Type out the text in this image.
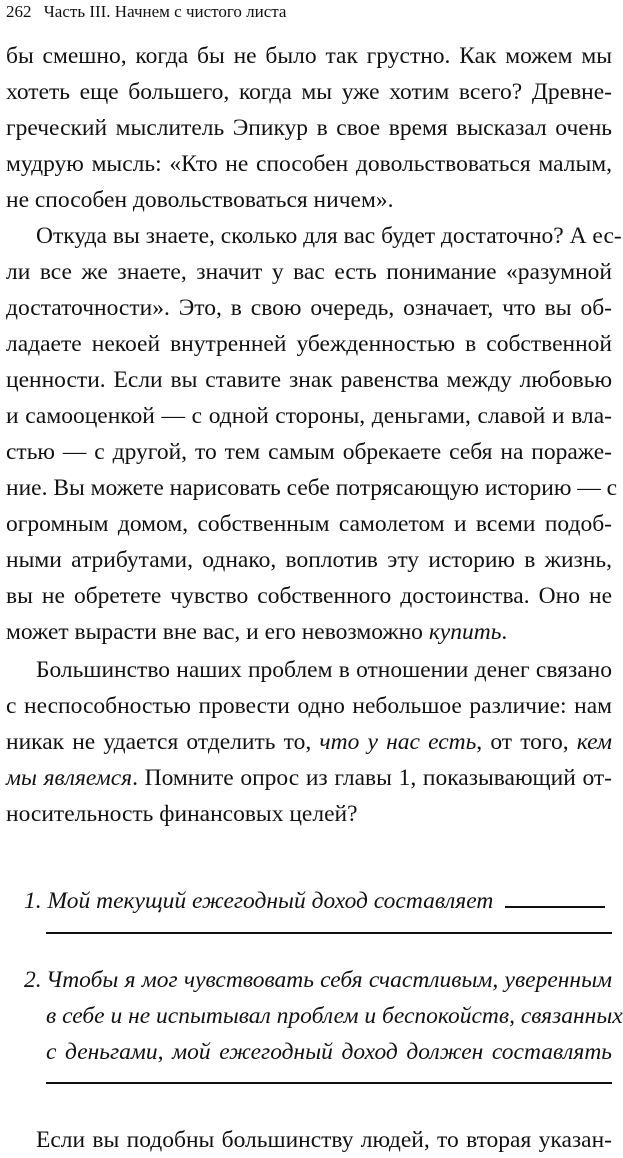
262 Часть III. Начнем с чистого листа
бы смешно, когда бы не было так грустно. Как можем мы
хотеть еще большего, когда мы уже хотим всего? Древне-
греческий мыслитель Эпикур в свое время высказал очень
мудрую мысль: «Кто не способен довольствоваться малым,
не способен довольствоваться ничем».
Откуда вы знаете, сколько для вас будет достаточно? А ес-
ли все же знаете, значит у вас есть понимание «разумной
достаточности». Это, в свою очередь, означает, что вы об-
ладаете некоей внутренней убежденностью в собственной
ценности. Если вы ставите знак равенства между любовью
и самооценкой — с одной стороны, деньгами, славой и вла-
стью — с другой, то тем самым обрекаете себя на пораже-
ние. Вы можете нарисовать себе потрясающую историю — с
огромным домом, собственным самолетом и всеми подоб-
ными атрибутами, однако, воплотив эту историю в жизнь,
вы не обретете чувство собственного достоинства. Оно не
может вырасти вне вас, и его невозможно купить.
Большинство наших проблем в отношении денег связано
с неспособностью провести одно небольшое различие: нам
никак не удается отделить то, что у нас есть, от того, кем
мы являемся. Помните опрос из главы 1, показывающий от-
носительность финансовых целей?
1. Мой текущий ежегодный доход составляет
2. Чтобы я мог чувствовать себя счастливым, уверенным
в себе и не испытывал проблем и беспокойств, связанных
с деньгами, мой ежегодный доход должен составлять
Если вы подобны большинству людей, то вторая указан-
